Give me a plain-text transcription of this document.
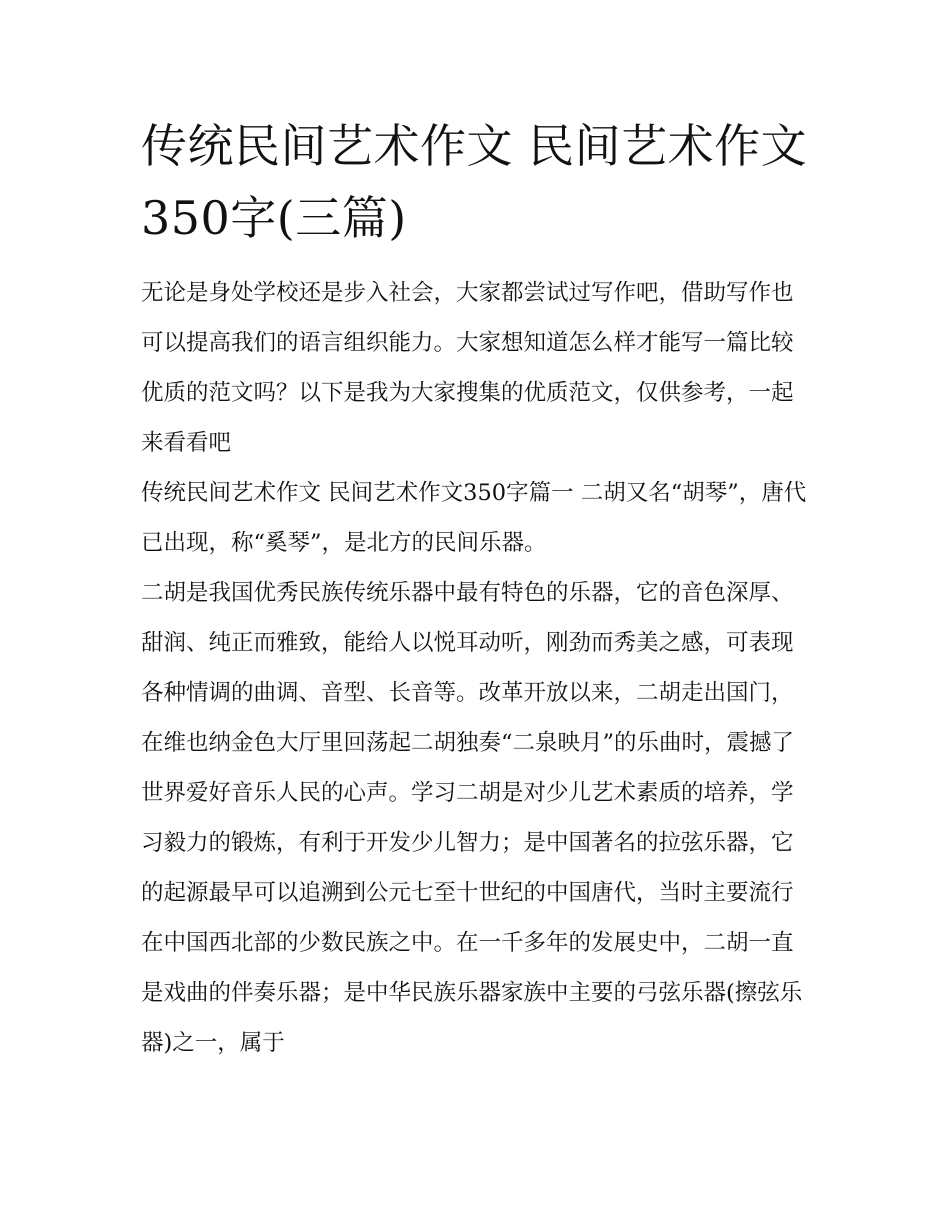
传统民间艺术作文 民间艺术作文350字(三篇)

无论是身处学校还是步入社会，大家都尝试过写作吧，借助写作也可以提高我们的语言组织能力。大家想知道怎么样才能写一篇比较优质的范文吗？以下是我为大家搜集的优质范文，仅供参考，一起来看看吧

传统民间艺术作文 民间艺术作文350字篇一 二胡又名“胡琴”，唐代已出现，称“奚琴”，是北方的民间乐器。

二胡是我国优秀民族传统乐器中最有特色的乐器，它的音色深厚、甜润、纯正而雅致，能给人以悦耳动听，刚劲而秀美之感，可表现各种情调的曲调、音型、长音等。改革开放以来，二胡走出国门，在维也纳金色大厅里回荡起二胡独奏“二泉映月”的乐曲时，震撼了世界爱好音乐人民的心声。学习二胡是对少儿艺术素质的培养，学习毅力的锻炼，有利于开发少儿智力；是中国著名的拉弦乐器，它的起源最早可以追溯到公元七至十世纪的中国唐代，当时主要流行在中国西北部的少数民族之中。在一千多年的发展史中，二胡一直是戏曲的伴奏乐器；是中华民族乐器家族中主要的弓弦乐器(擦弦乐器)之一，属于
